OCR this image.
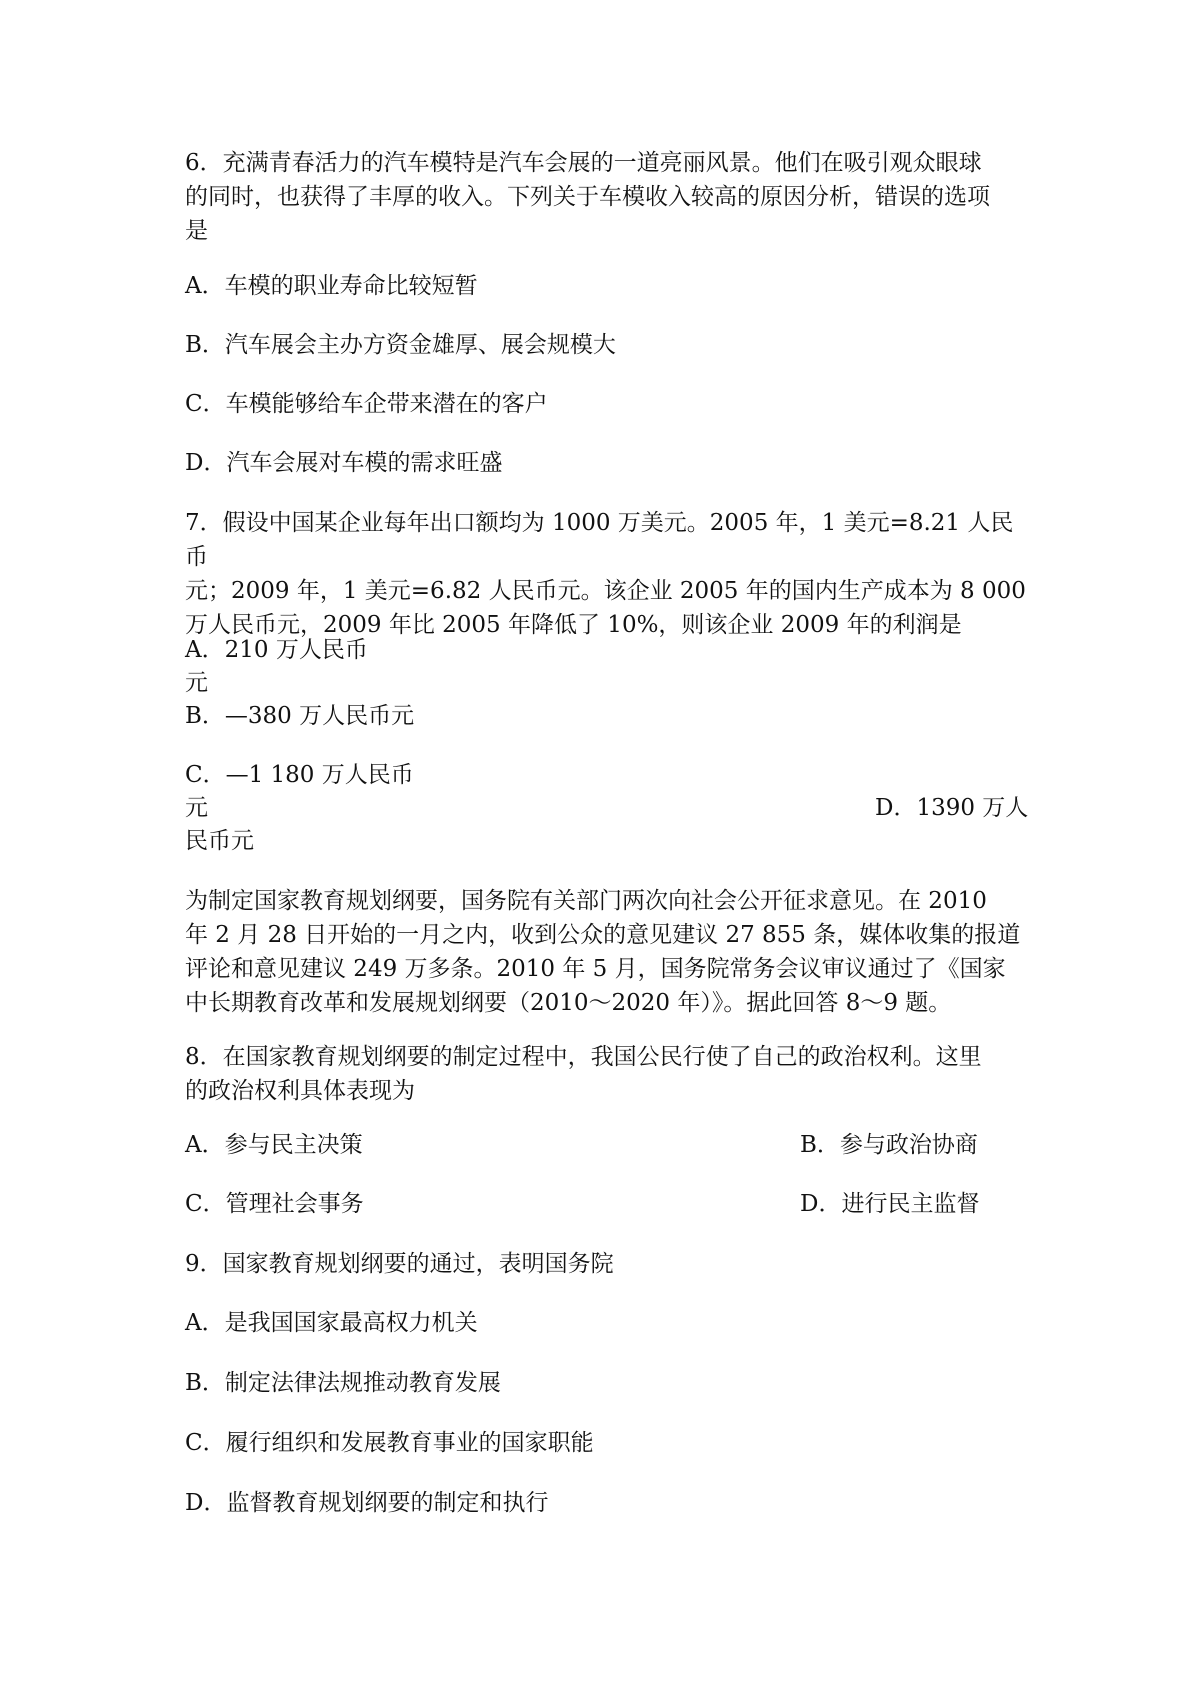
6．充满青春活力的汽车模特是汽车会展的一道亮丽风景。他们在吸引观众眼球
的同时，也获得了丰厚的收入。下列关于车模收入较高的原因分析，错误的选项
是
A．车模的职业寿命比较短暂
B．汽车展会主办方资金雄厚、展会规模大
C．车模能够给车企带来潜在的客户
D．汽车会展对车模的需求旺盛
7．假设中国某企业每年出口额均为 1000 万美元。2005 年，1 美元=8.21 人民币
元；2009 年，1 美元=6.82 人民币元。该企业 2005 年的国内生产成本为 8 000
万人民币元，2009 年比 2005 年降低了 10%，则该企业 2009 年的利润是
A．210 万人民币
元
B．—380 万人民币元
C．—1 180 万人民币
元	D．1390 万人
民币元
为制定国家教育规划纲要，国务院有关部门两次向社会公开征求意见。在 2010
年 2 月 28 日开始的一月之内，收到公众的意见建议 27 855 条，媒体收集的报道
评论和意见建议 249 万多条。2010 年 5 月，国务院常务会议审议通过了《国家
中长期教育改革和发展规划纲要（2010～2020 年）》。据此回答 8～9 题。
8．在国家教育规划纲要的制定过程中，我国公民行使了自己的政治权利。这里
的政治权利具体表现为
A．参与民主决策	B．参与政治协商
C．管理社会事务	D．进行民主监督
9．国家教育规划纲要的通过，表明国务院
A．是我国国家最高权力机关
B．制定法律法规推动教育发展
C．履行组织和发展教育事业的国家职能
D．监督教育规划纲要的制定和执行
